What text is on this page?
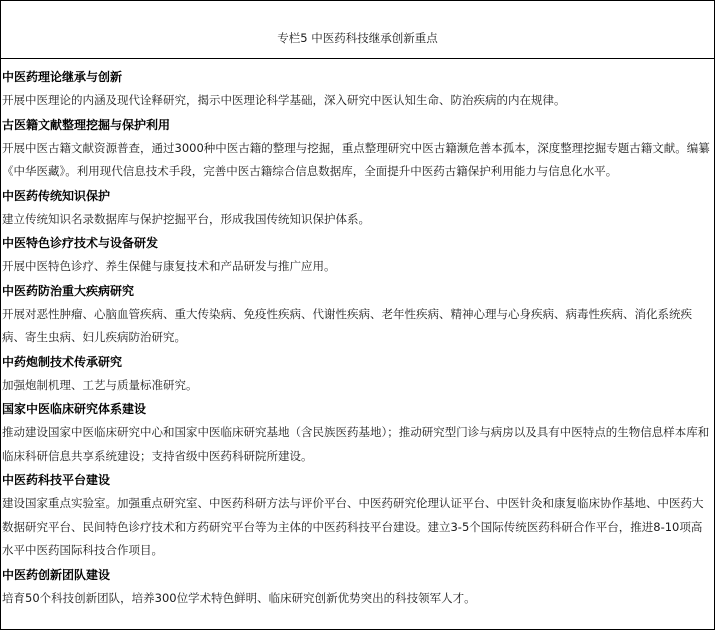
专栏5 中医药科技继承创新重点
中医药理论继承与创新
开展中医理论的内涵及现代诠释研究，揭示中医理论科学基础，深入研究中医认知生命、防治疾病的内在规律。
古医籍文献整理挖掘与保护利用
开展中医古籍文献资源普查，通过3000种中医古籍的整理与挖掘，重点整理研究中医古籍濒危善本孤本，深度整理挖掘专题古籍文献。编纂《中华医藏》。利用现代信息技术手段，完善中医古籍综合信息数据库，全面提升中医药古籍保护利用能力与信息化水平。
中医药传统知识保护
建立传统知识名录数据库与保护挖掘平台，形成我国传统知识保护体系。
中医特色诊疗技术与设备研发
开展中医特色诊疗、养生保健与康复技术和产品研发与推广应用。
中医药防治重大疾病研究
开展对恶性肿瘤、心脑血管疾病、重大传染病、免疫性疾病、代谢性疾病、老年性疾病、精神心理与心身疾病、病毒性疾病、消化系统疾病、寄生虫病、妇儿疾病防治研究。
中药炮制技术传承研究
加强炮制机理、工艺与质量标准研究。
国家中医临床研究体系建设
推动建设国家中医临床研究中心和国家中医临床研究基地（含民族医药基地）；推动研究型门诊与病房以及具有中医特点的生物信息样本库和临床科研信息共享系统建设；支持省级中医药科研院所建设。
中医药科技平台建设
建设国家重点实验室。加强重点研究室、中医药科研方法与评价平台、中医药研究伦理认证平台、中医针灸和康复临床协作基地、中医药大数据研究平台、民间特色诊疗技术和方药研究平台等为主体的中医药科技平台建设。建立3-5个国际传统医药科研合作平台，推进8-10项高水平中医药国际科技合作项目。
中医药创新团队建设
培育50个科技创新团队，培养300位学术特色鲜明、临床研究创新优势突出的科技领军人才。
